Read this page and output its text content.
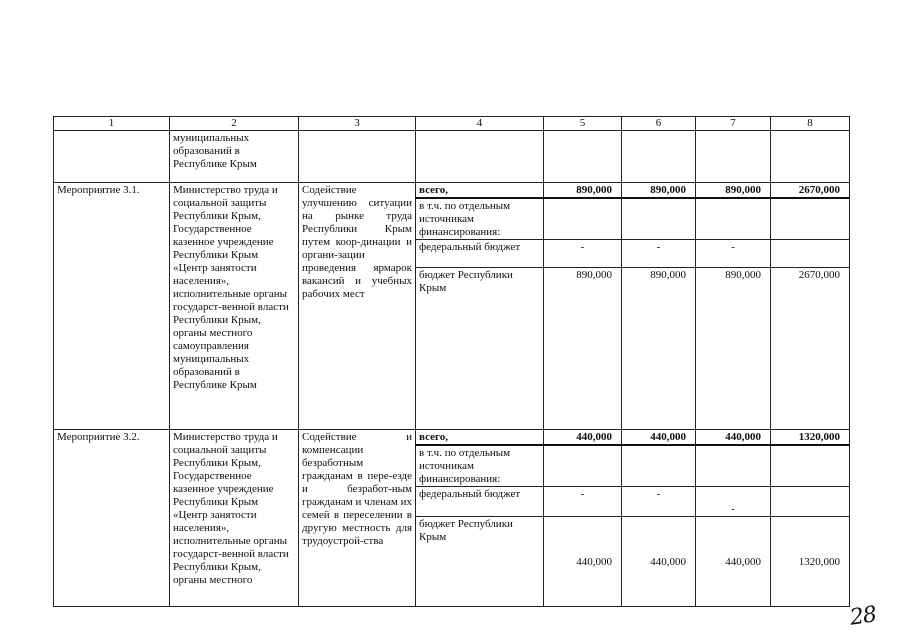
1	2	3	4	5	6	7	8
	муниципальных образований в Республике Крым						
Мероприятие 3.1.	Министерство труда и социальной защиты Республики Крым, Государственное казенное учреждение Республики Крым «Центр занятости населения», исполнительные органы государст-венной власти Республики Крым, органы местного самоуправления муниципальных образований в Республике Крым	Содействие улучшению ситуации на рынке труда Республики Крым путем коор-динации и органи-зации проведения ярмарок вакансий и учебных рабочих мест	всего,	890,000	890,000	890,000	2670,000
			в т.ч. по отдельным источникам финансирования:				
			федеральный бюджет	-	-	-	
			бюджет Республики Крым	890,000	890,000	890,000	2670,000
Мероприятие 3.2.	Министерство труда и социальной защиты Республики Крым, Государственное казенное учреждение Республики Крым «Центр занятости населения», исполнительные органы государст-венной власти Республики Крым, органы местного	Содействие и компенсации безработным гражданам в пере-езде и безработ-ным гражданам и членам их семей в переселении в другую местность для трудоустрой-ства	всего,	440,000	440,000	440,000	1320,000
			в т.ч. по отдельным источникам финансирования:				
			федеральный бюджет	-	-	-	
			бюджет Республики Крым	440,000	440,000	440,000	1320,000
28
